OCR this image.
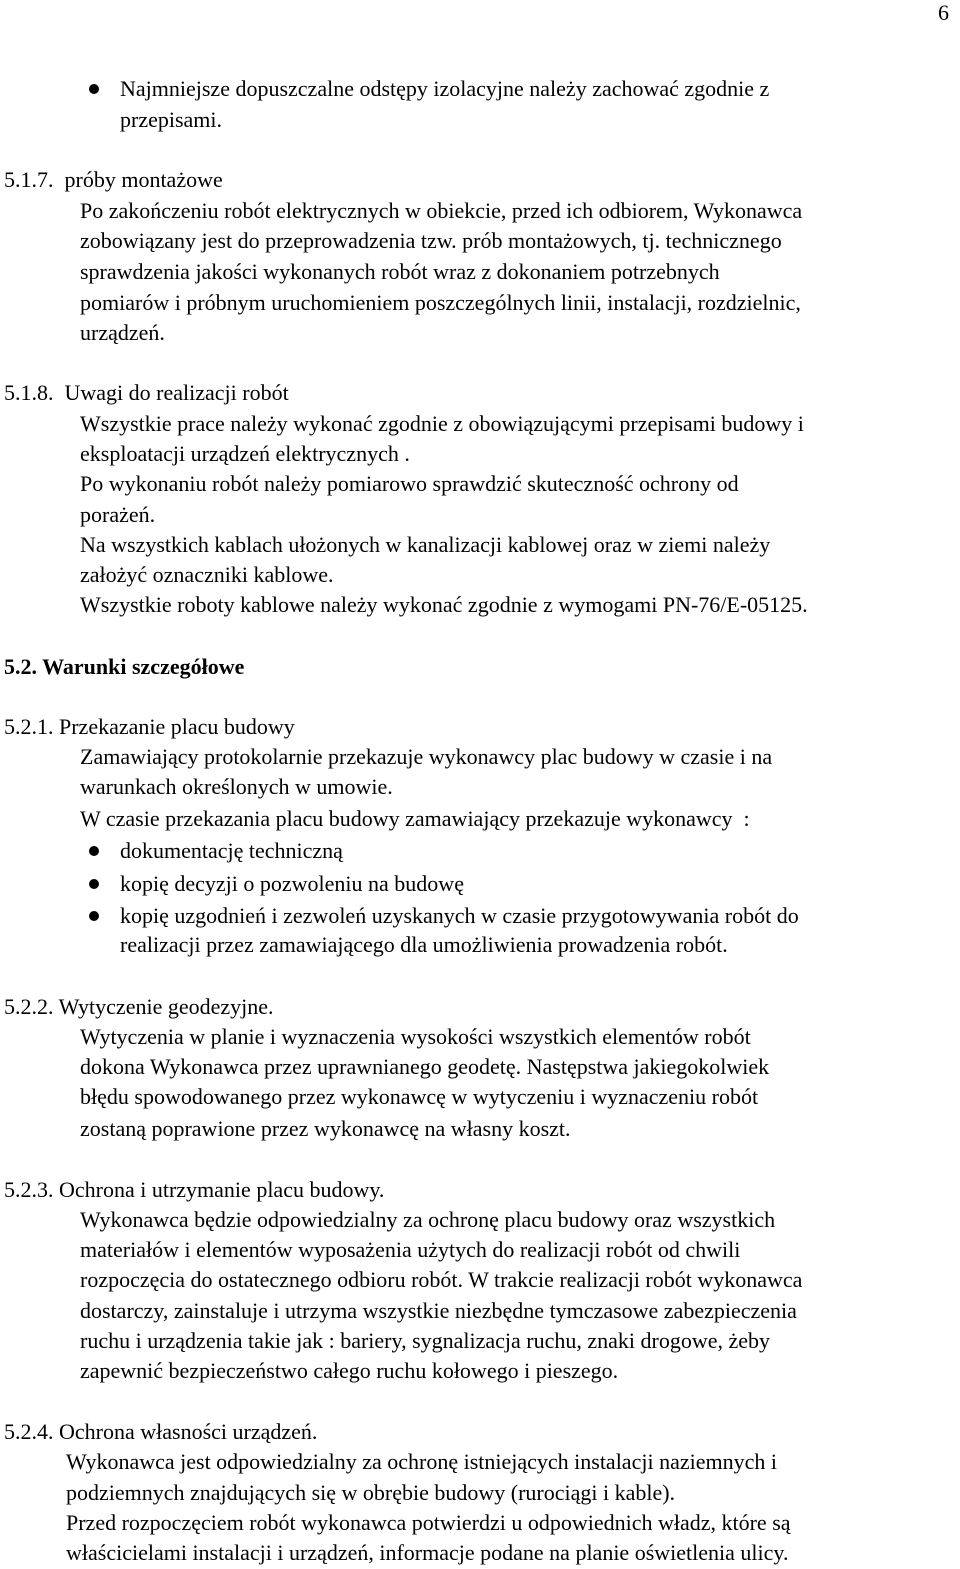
6
Najmniejsze dopuszczalne odstępy izolacyjne należy zachować zgodnie z
przepisami.
5.1.7.  próby montażowe
Po zakończeniu robót elektrycznych w obiekcie, przed ich odbiorem, Wykonawca
zobowiązany jest do przeprowadzenia tzw. prób montażowych, tj. technicznego
sprawdzenia jakości wykonanych robót wraz z dokonaniem potrzebnych
pomiarów i próbnym uruchomieniem poszczególnych linii, instalacji, rozdzielnic,
urządzeń.
5.1.8.  Uwagi do realizacji robót
Wszystkie prace należy wykonać zgodnie z obowiązującymi przepisami budowy i
eksploatacji urządzeń elektrycznych .
Po wykonaniu robót należy pomiarowo sprawdzić skuteczność ochrony od
porażeń.
Na wszystkich kablach ułożonych w kanalizacji kablowej oraz w ziemi należy
założyć oznaczniki kablowe.
Wszystkie roboty kablowe należy wykonać zgodnie z wymogami PN-76/E-05125.
5.2. Warunki szczegółowe
5.2.1. Przekazanie placu budowy
Zamawiający protokolarnie przekazuje wykonawcy plac budowy w czasie i na
warunkach określonych w umowie.
W czasie przekazania placu budowy zamawiający przekazuje wykonawcy  :
dokumentację techniczną
kopię decyzji o pozwoleniu na budowę
kopię uzgodnień i zezwoleń uzyskanych w czasie przygotowywania robót do
realizacji przez zamawiającego dla umożliwienia prowadzenia robót.
5.2.2. Wytyczenie geodezyjne.
Wytyczenia w planie i wyznaczenia wysokości wszystkich elementów robót
dokona Wykonawca przez uprawnianego geodetę. Następstwa jakiegokolwiek
błędu spowodowanego przez wykonawcę w wytyczeniu i wyznaczeniu robót
zostaną poprawione przez wykonawcę na własny koszt.
5.2.3. Ochrona i utrzymanie placu budowy.
Wykonawca będzie odpowiedzialny za ochronę placu budowy oraz wszystkich
materiałów i elementów wyposażenia użytych do realizacji robót od chwili
rozpoczęcia do ostatecznego odbioru robót. W trakcie realizacji robót wykonawca
dostarczy, zainstaluje i utrzyma wszystkie niezbędne tymczasowe zabezpieczenia
ruchu i urządzenia takie jak : bariery, sygnalizacja ruchu, znaki drogowe, żeby
zapewnić bezpieczeństwo całego ruchu kołowego i pieszego.
5.2.4. Ochrona własności urządzeń.
Wykonawca jest odpowiedzialny za ochronę istniejących instalacji naziemnych i
podziemnych znajdujących się w obrębie budowy (rurociągi i kable).
Przed rozpoczęciem robót wykonawca potwierdzi u odpowiednich władz, które są
właścicielami instalacji i urządzeń, informacje podane na planie oświetlenia ulicy.
